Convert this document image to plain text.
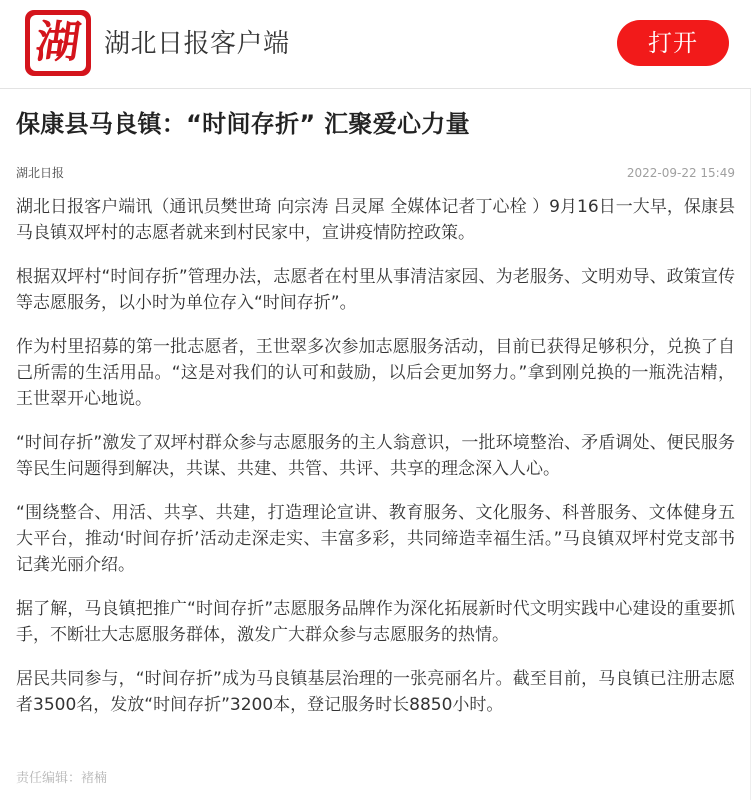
湖 湖北日报客户端	打开
保康县马良镇：“时间存折” 汇聚爱心力量
湖北日报	2022-09-22 15:49

湖北日报客户端讯（通讯员樊世琦 向宗涛 吕灵犀 全媒体记者丁心栓 ）9月16日一大早，保康县马良镇双坪村的志愿者就来到村民家中，宣讲疫情防控政策。

根据双坪村“时间存折”管理办法，志愿者在村里从事清洁家园、为老服务、文明劝导、政策宣传等志愿服务，以小时为单位存入“时间存折”。

作为村里招募的第一批志愿者，王世翠多次参加志愿服务活动，目前已获得足够积分，兑换了自己所需的生活用品。“这是对我们的认可和鼓励，以后会更加努力。”拿到刚兑换的一瓶洗洁精，王世翠开心地说。

“时间存折”激发了双坪村群众参与志愿服务的主人翁意识，一批环境整治、矛盾调处、便民服务等民生问题得到解决，共谋、共建、共管、共评、共享的理念深入人心。

“围绕整合、用活、共享、共建，打造理论宣讲、教育服务、文化服务、科普服务、文体健身五大平台，推动‘时间存折’活动走深走实、丰富多彩，共同缔造幸福生活。”马良镇双坪村党支部书记龚光丽介绍。

据了解，马良镇把推广“时间存折”志愿服务品牌作为深化拓展新时代文明实践中心建设的重要抓手，不断壮大志愿服务群体，激发广大群众参与志愿服务的热情。

居民共同参与，“时间存折”成为马良镇基层治理的一张亮丽名片。截至目前，马良镇已注册志愿者3500名，发放“时间存折”3200本，登记服务时长8850小时。

责任编辑：褚楠
